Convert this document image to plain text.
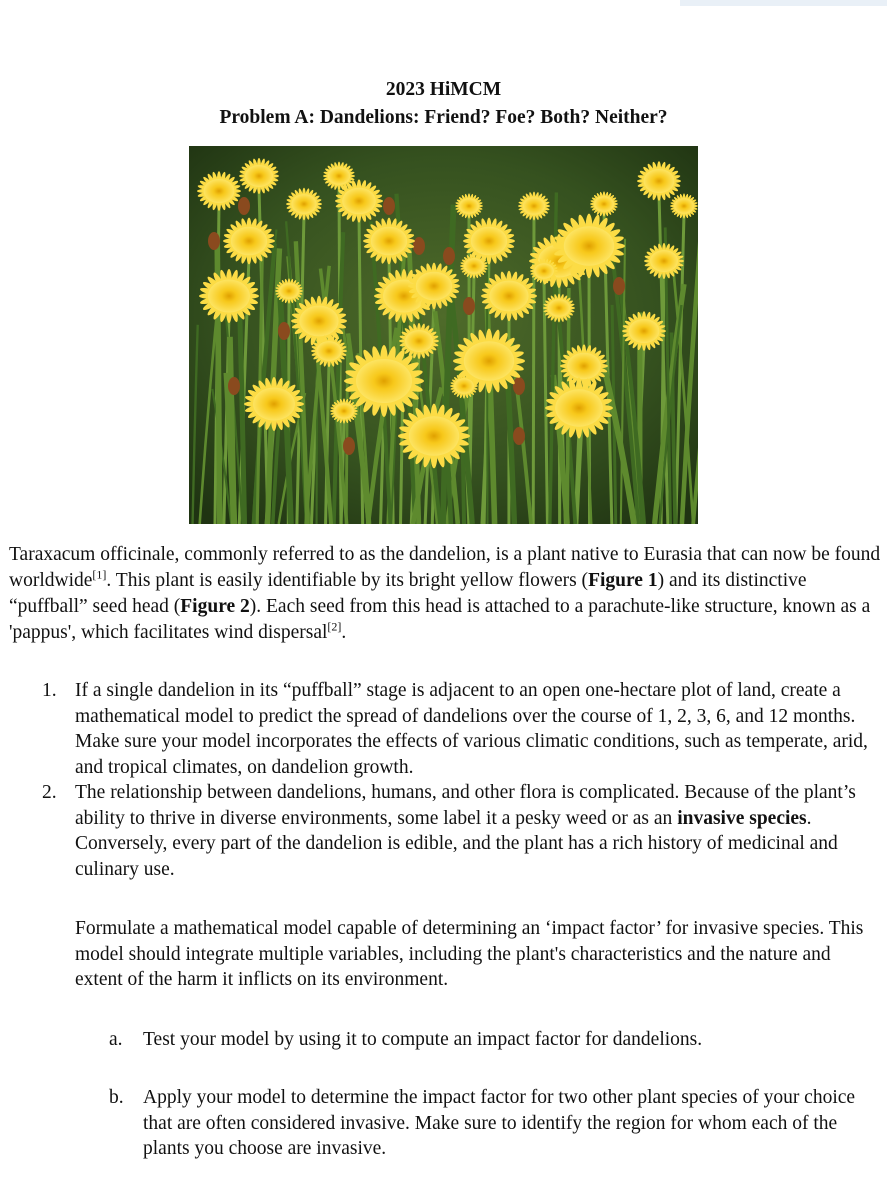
2023 HiMCM
Problem A: Dandelions: Friend? Foe? Both? Neither?

Taraxacum officinale, commonly referred to as the dandelion, is a plant native to Eurasia that can now be found worldwide[1]. This plant is easily identifiable by its bright yellow flowers (Figure 1) and its distinctive “puffball” seed head (Figure 2). Each seed from this head is attached to a parachute-like structure, known as a 'pappus', which facilitates wind dispersal[2].

1. If a single dandelion in its “puffball” stage is adjacent to an open one-hectare plot of land, create a mathematical model to predict the spread of dandelions over the course of 1, 2, 3, 6, and 12 months. Make sure your model incorporates the effects of various climatic conditions, such as temperate, arid, and tropical climates, on dandelion growth.
2. The relationship between dandelions, humans, and other flora is complicated. Because of the plant’s ability to thrive in diverse environments, some label it a pesky weed or as an invasive species. Conversely, every part of the dandelion is edible, and the plant has a rich history of medicinal and culinary use.

Formulate a mathematical model capable of determining an ‘impact factor’ for invasive species. This model should integrate multiple variables, including the plant's characteristics and the nature and extent of the harm it inflicts on its environment.

a. Test your model by using it to compute an impact factor for dandelions.
b. Apply your model to determine the impact factor for two other plant species of your choice that are often considered invasive. Make sure to identify the region for whom each of the plants you choose are invasive.
